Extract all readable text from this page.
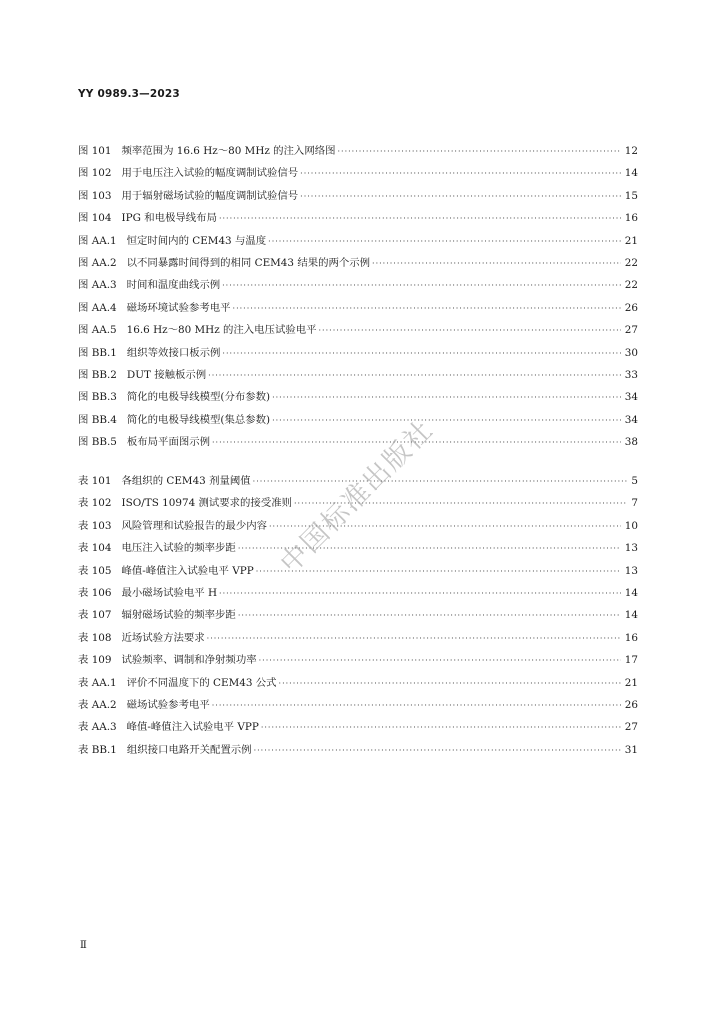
YY 0989.3—2023
图 101 频率范围为 16.6 Hz～80 MHz 的注入网络图 ·····	12
图 102 用于电压注入试验的幅度调制试验信号 ·····	14
图 103 用于辐射磁场试验的幅度调制试验信号 ·····	15
图 104 IPG 和电极导线布局 ·····	16
图 AA.1 恒定时间内的 CEM43 与温度 ·····	21
图 AA.2 以不同暴露时间得到的相同 CEM43 结果的两个示例 ·····	22
图 AA.3 时间和温度曲线示例 ·····	22
图 AA.4 磁场环境试验参考电平 ·····	26
图 AA.5 16.6 Hz～80 MHz 的注入电压试验电平 ·····	27
图 BB.1 组织等效接口板示例 ·····	30
图 BB.2 DUT 接触板示例 ·····	33
图 BB.3 简化的电极导线模型(分布参数) ·····	34
图 BB.4 简化的电极导线模型(集总参数) ·····	34
图 BB.5 板布局平面图示例 ·····	38
表 101 各组织的 CEM43 剂量阈值 ·····	5
表 102 ISO/TS 10974 测试要求的接受准则 ·····	7
表 103 风险管理和试验报告的最少内容 ·····	10
表 104 电压注入试验的频率步距 ·····	13
表 105 峰值-峰值注入试验电平 VPP ·····	13
表 106 最小磁场试验电平 H ·····	14
表 107 辐射磁场试验的频率步距 ·····	14
表 108 近场试验方法要求 ·····	16
表 109 试验频率、调制和净射频功率 ·····	17
表 AA.1 评价不同温度下的 CEM43 公式 ·····	21
表 AA.2 磁场试验参考电平 ·····	26
表 AA.3 峰值-峰值注入试验电平 VPP ·····	27
表 BB.1 组织接口电路开关配置示例 ·····	31
中国标准出版社
Ⅱ
